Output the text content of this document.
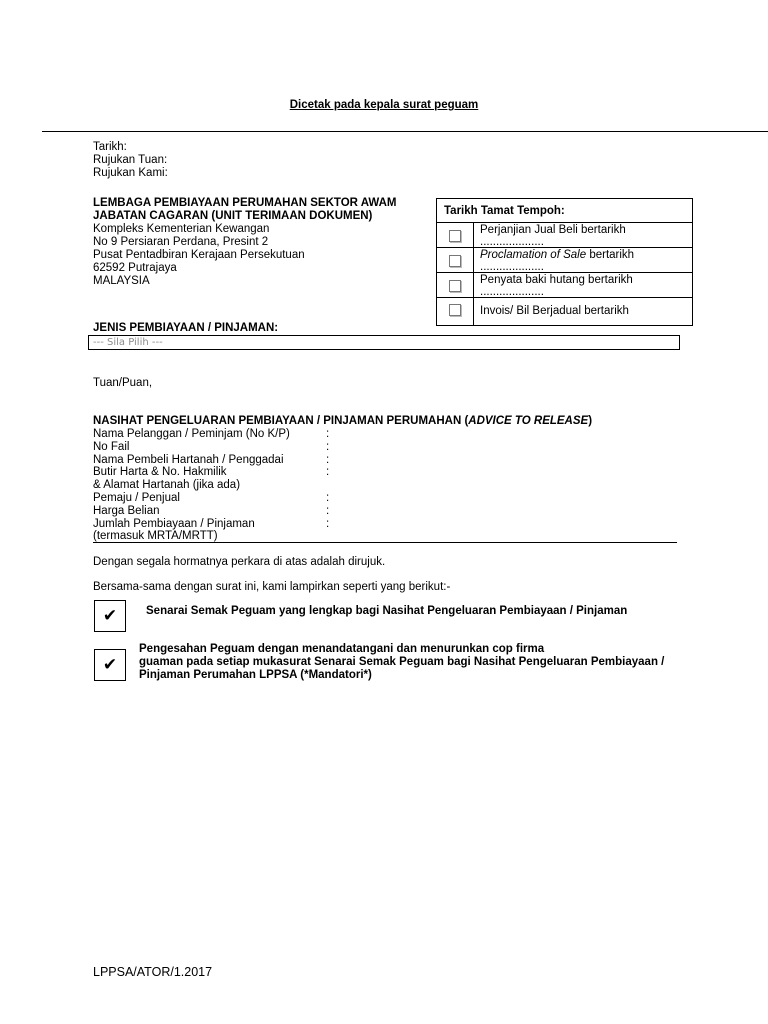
Dicetak pada kepala surat peguam
Tarikh:
Rujukan Tuan:
Rujukan Kami:
LEMBAGA PEMBIAYAAN PERUMAHAN SEKTOR AWAM
JABATAN CAGARAN (UNIT TERIMAAN DOKUMEN)
Kompleks Kementerian Kewangan
No 9 Persiaran Perdana, Presint 2
Pusat Pentadbiran Kerajaan Persekutuan
62592 Putrajaya
MALAYSIA
Tarikh Tamat Tempoh:
Perjanjian Jual Beli bertarikh
....................
Proclamation of Sale bertarikh
....................
Penyata baki hutang bertarikh
....................
Invois/ Bil Berjadual bertarikh
JENIS PEMBIAYAAN / PINJAMAN:
--- Sila Pilih ---
Tuan/Puan,
NASIHAT PENGELUARAN PEMBIAYAAN / PINJAMAN PERUMAHAN (ADVICE TO RELEASE)
Nama Pelanggan / Peminjam (No K/P)	:
No Fail	:
Nama Pembeli Hartanah / Penggadai	:
Butir Harta & No. Hakmilik	:
& Alamat Hartanah (jika ada)
Pemaju / Penjual	:
Harga Belian	:
Jumlah Pembiayaan / Pinjaman	:
(termasuk MRTA/MRTT)
Dengan segala hormatnya perkara di atas adalah dirujuk.
Bersama-sama dengan surat ini, kami lampirkan seperti yang berikut:-
✔	Senarai Semak Peguam yang lengkap bagi Nasihat Pengeluaran Pembiayaan / Pinjaman
✔
Pengesahan Peguam dengan menandatangani dan menurunkan cop firma
guaman pada setiap mukasurat Senarai Semak Peguam bagi Nasihat Pengeluaran Pembiayaan /
Pinjaman Perumahan LPPSA (*Mandatori*)
LPPSA/ATOR/1.2017
